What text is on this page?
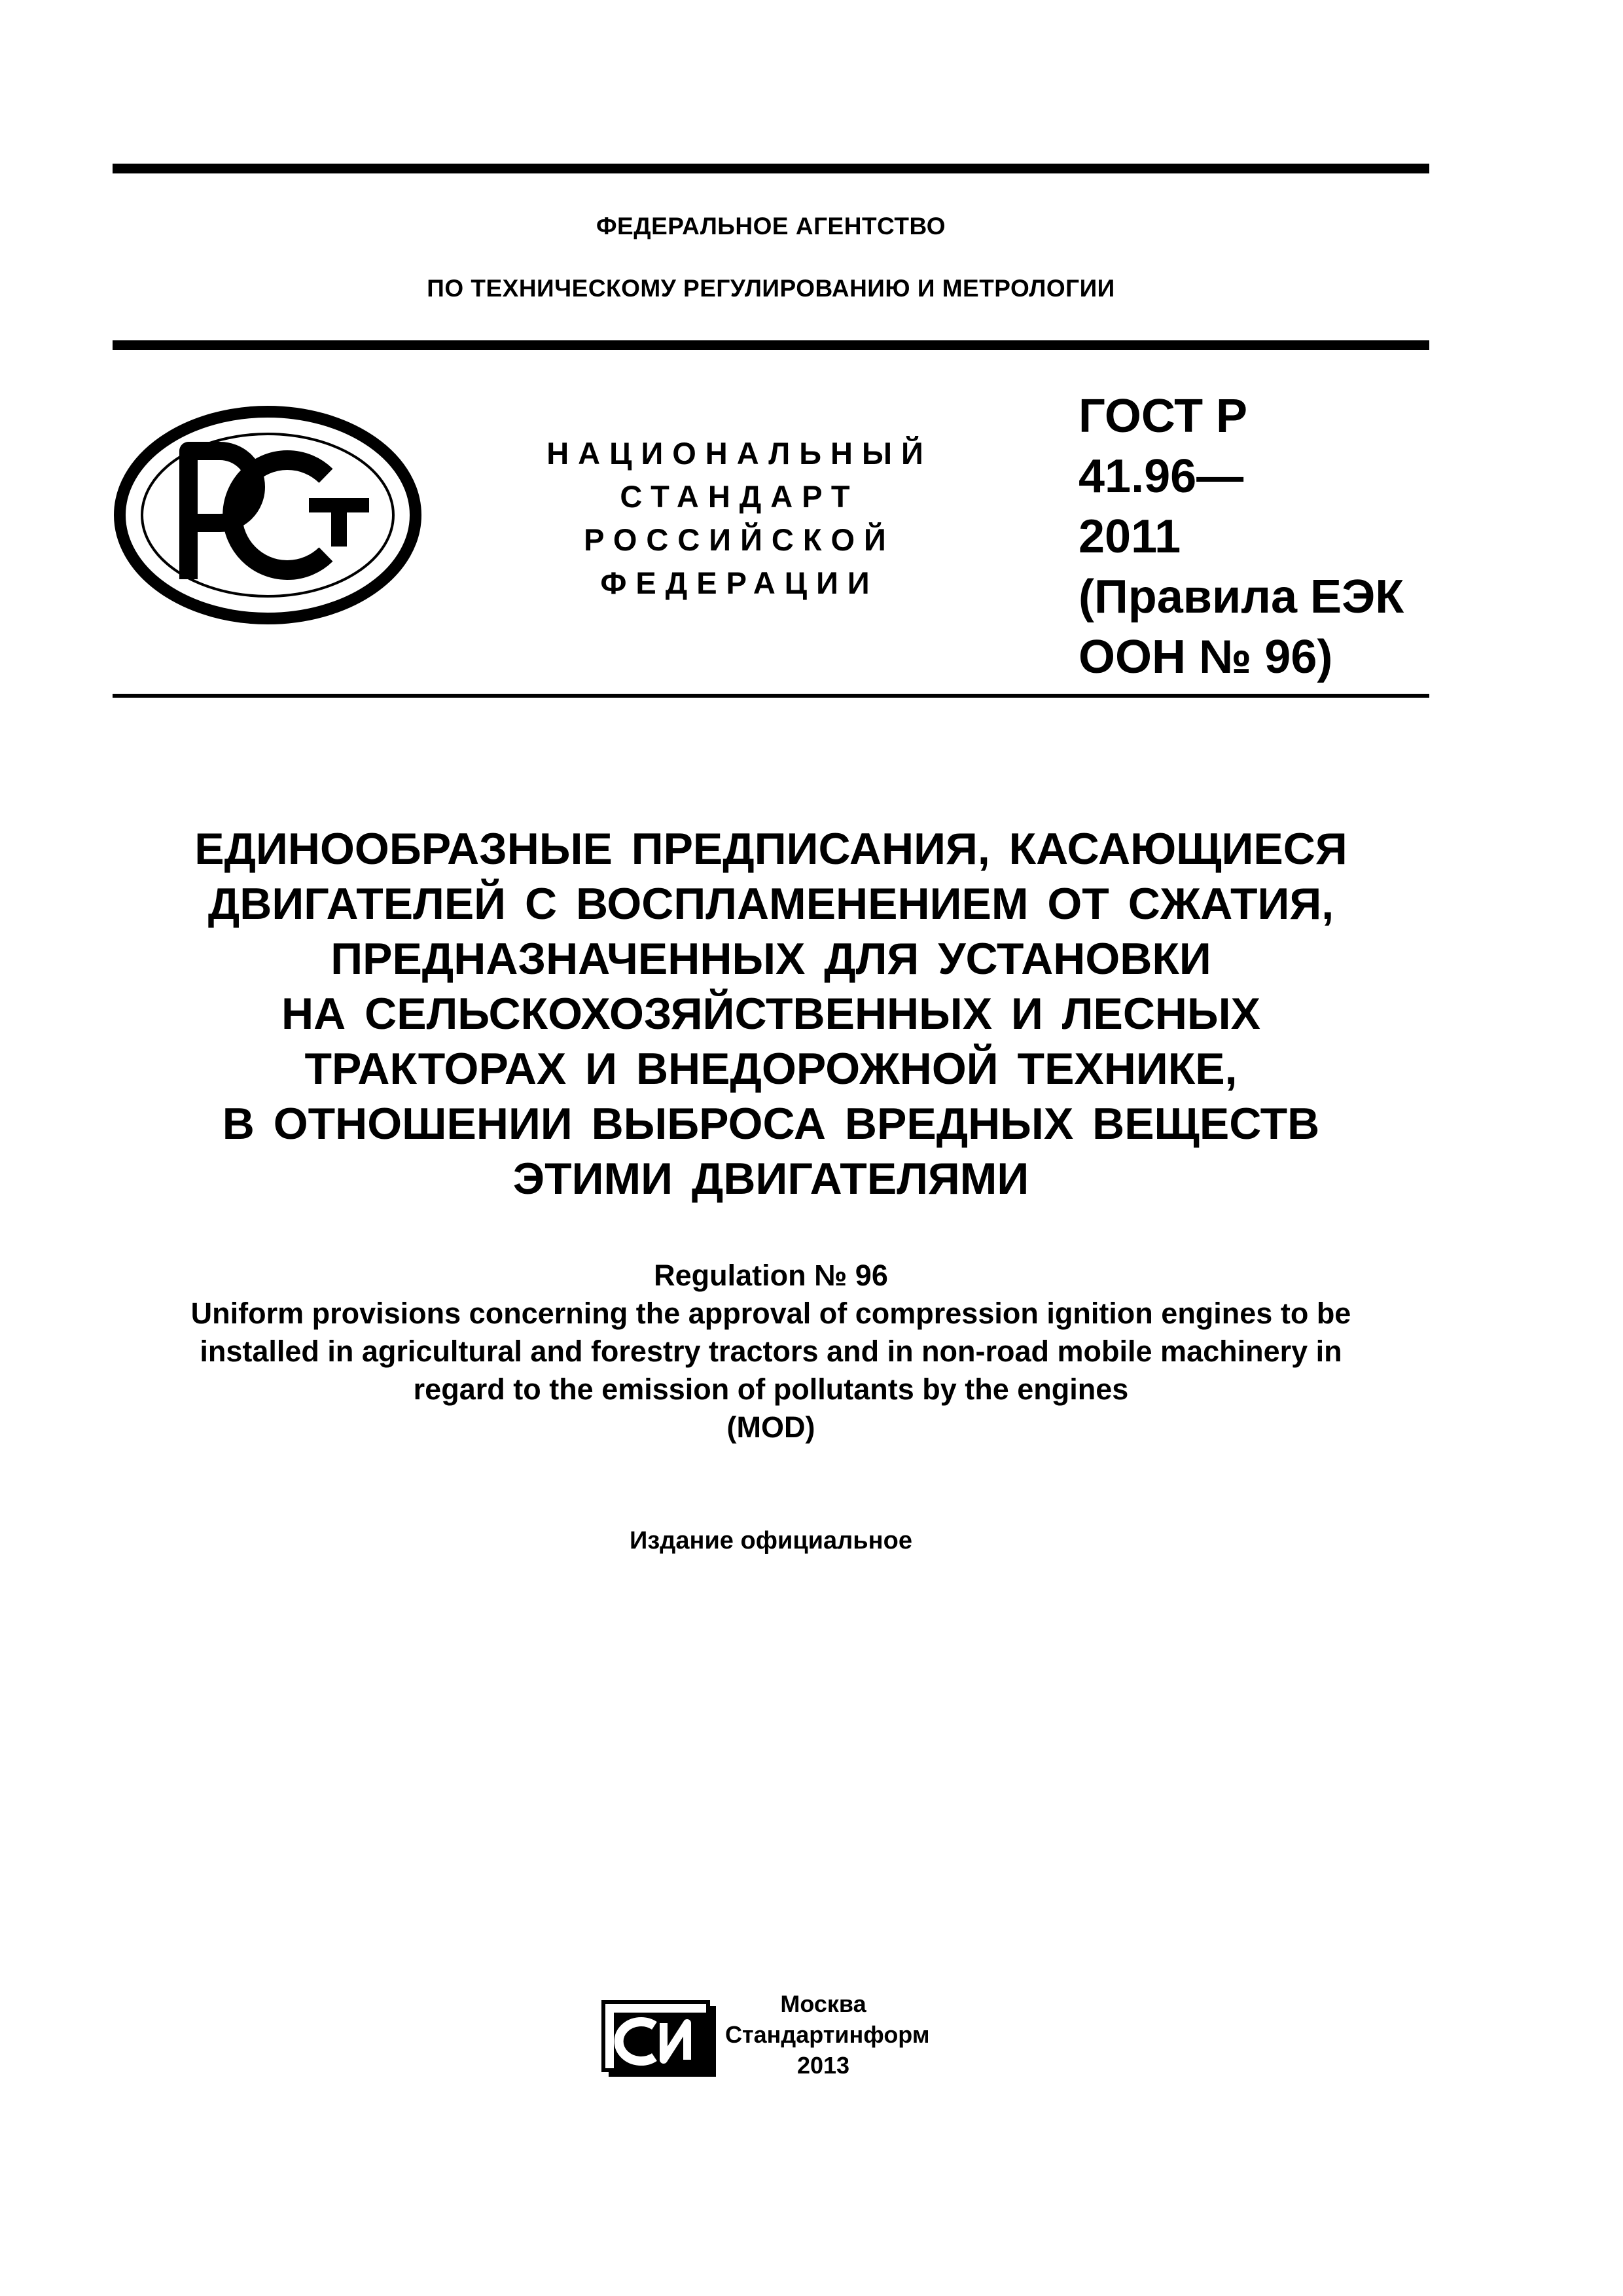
ФЕДЕРАЛЬНОЕ АГЕНТСТВО
ПО ТЕХНИЧЕСКОМУ РЕГУЛИРОВАНИЮ И МЕТРОЛОГИИ
НАЦИОНАЛЬНЫЙ
СТАНДАРТ
РОССИЙСКОЙ
ФЕДЕРАЦИИ
ГОСТ Р
41.96—
2011
(Правила ЕЭК
ООН № 96)
ЕДИНООБРАЗНЫЕ ПРЕДПИСАНИЯ, КАСАЮЩИЕСЯ
ДВИГАТЕЛЕЙ С ВОСПЛАМЕНЕНИЕМ ОТ СЖАТИЯ,
ПРЕДНАЗНАЧЕННЫХ ДЛЯ УСТАНОВКИ
НА СЕЛЬСКОХОЗЯЙСТВЕННЫХ И ЛЕСНЫХ
ТРАКТОРАХ И ВНЕДОРОЖНОЙ ТЕХНИКЕ,
В ОТНОШЕНИИ ВЫБРОСА ВРЕДНЫХ ВЕЩЕСТВ
ЭТИМИ ДВИГАТЕЛЯМИ
Regulation № 96
Uniform provisions concerning the approval of compression ignition engines to be
installed in agricultural and forestry tractors and in non-road mobile machinery in
regard to the emission of pollutants by the engines
(MOD)
Издание официальное
Москва
Стандартинформ
2013
